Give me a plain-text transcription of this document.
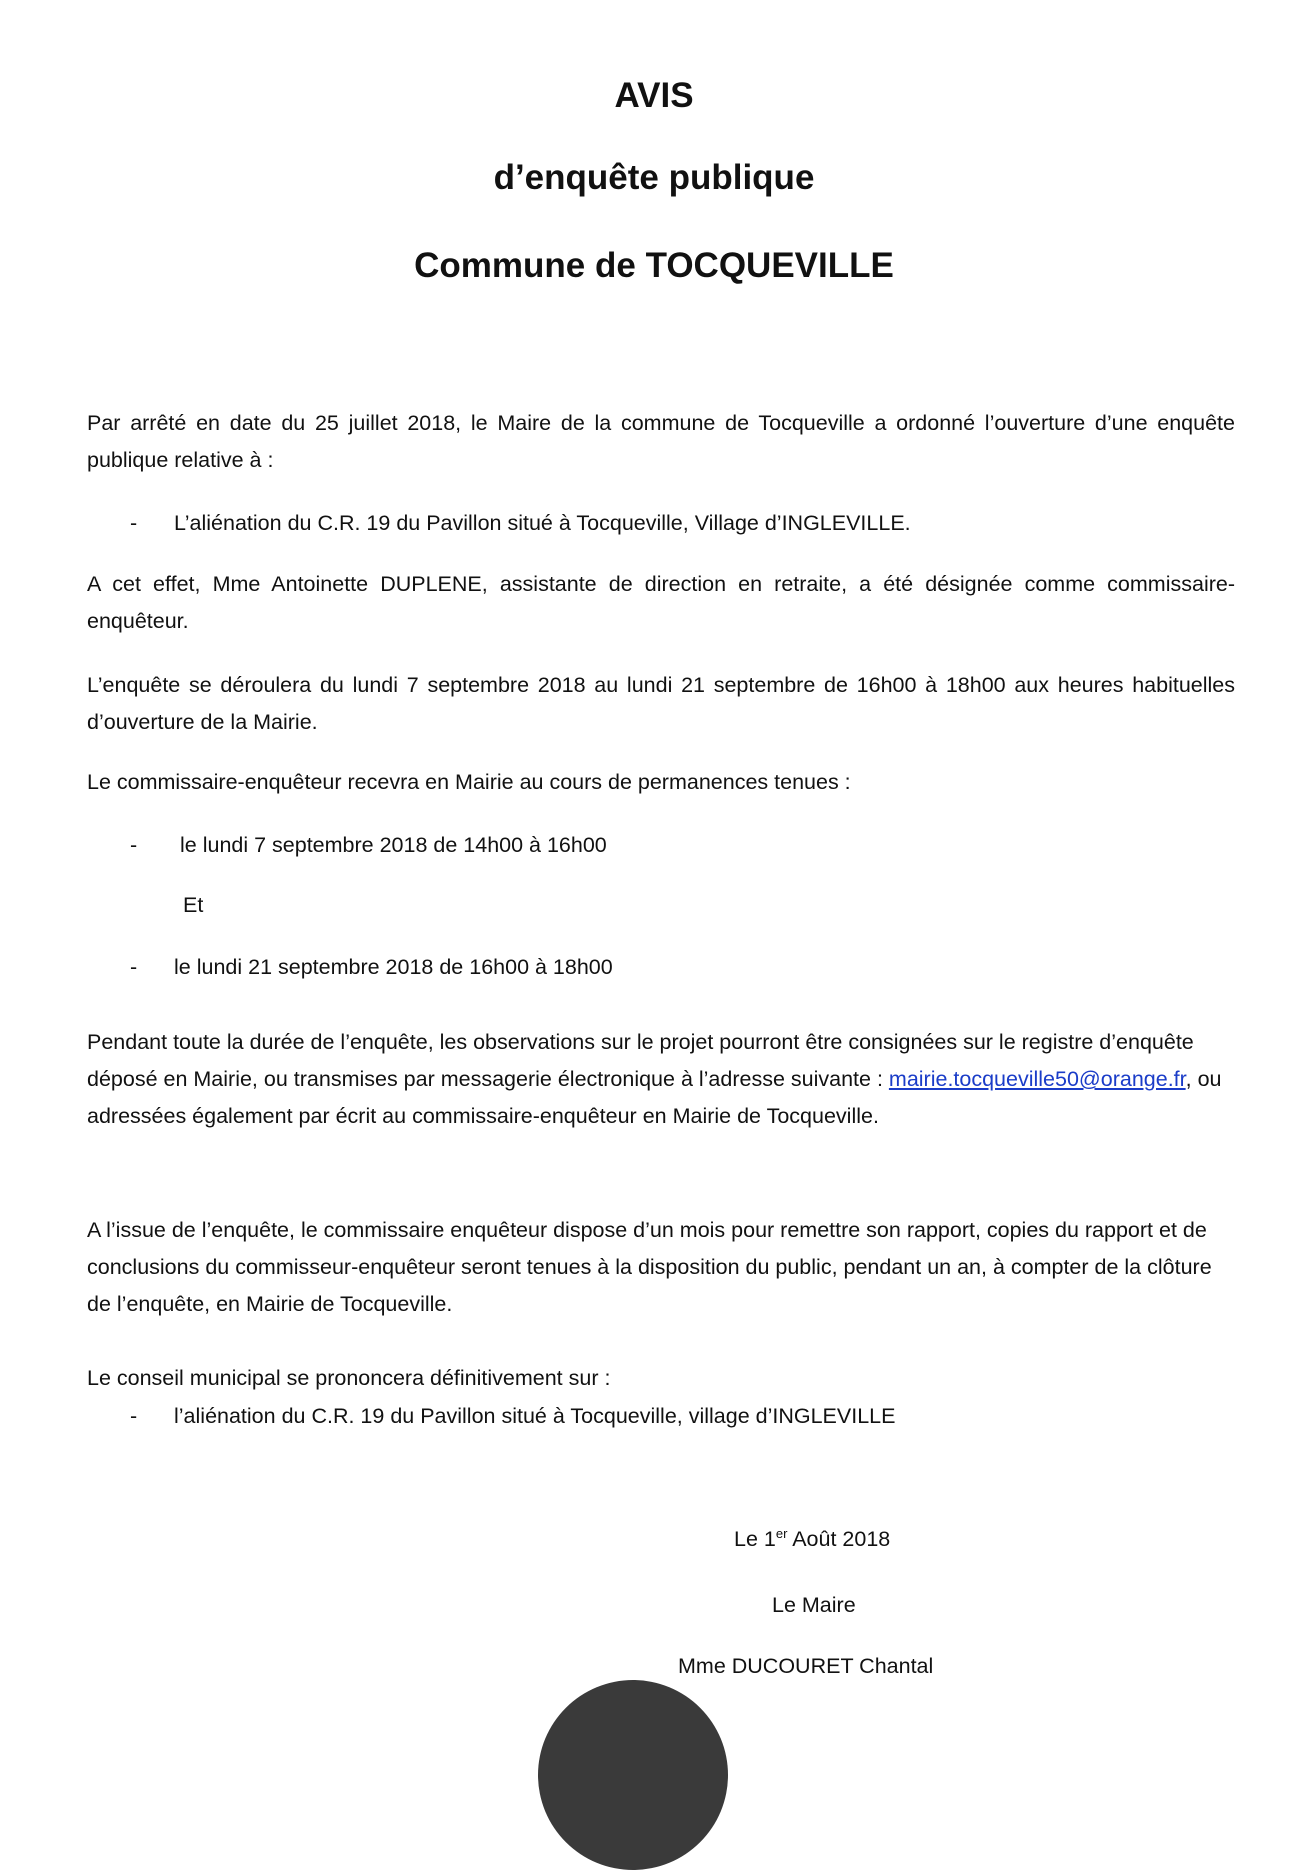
AVIS
d’enquête publique
Commune de TOCQUEVILLE

Par arrêté en date du 25 juillet 2018, le Maire de la commune de Tocqueville a ordonné l’ouverture d’une enquête publique relative à :

- L’aliénation du C.R. 19 du Pavillon situé à Tocqueville, Village d’INGLEVILLE.

A cet effet, Mme Antoinette DUPLENE, assistante de direction en retraite, a été désignée comme commissaire-enquêteur.

L’enquête se déroulera du lundi 7 septembre 2018 au lundi 21 septembre de 16h00 à 18h00 aux heures habituelles d’ouverture de la Mairie.

Le commissaire-enquêteur recevra en Mairie au cours de permanences tenues :

- le lundi 7 septembre 2018 de 14h00 à 16h00
Et
- le lundi 21 septembre 2018 de 16h00 à 18h00

Pendant toute la durée de l’enquête, les observations sur le projet pourront être consignées sur le registre d’enquête déposé en Mairie, ou transmises par messagerie électronique à l’adresse suivante : mairie.tocqueville50@orange.fr, ou adressées également par écrit au commissaire-enquêteur en Mairie de Tocqueville.

A l’issue de l’enquête, le commissaire enquêteur dispose d’un mois pour remettre son rapport, copies du rapport et de conclusions du commisseur-enquêteur seront tenues à la disposition du public, pendant un an, à compter de la clôture de l’enquête, en Mairie de Tocqueville.

Le conseil municipal se prononcera définitivement sur :

- l’aliénation du C.R. 19 du Pavillon situé à Tocqueville, village d’INGLEVILLE
Le 1er Août 2018
Le Maire
Mme DUCOURET Chantal
